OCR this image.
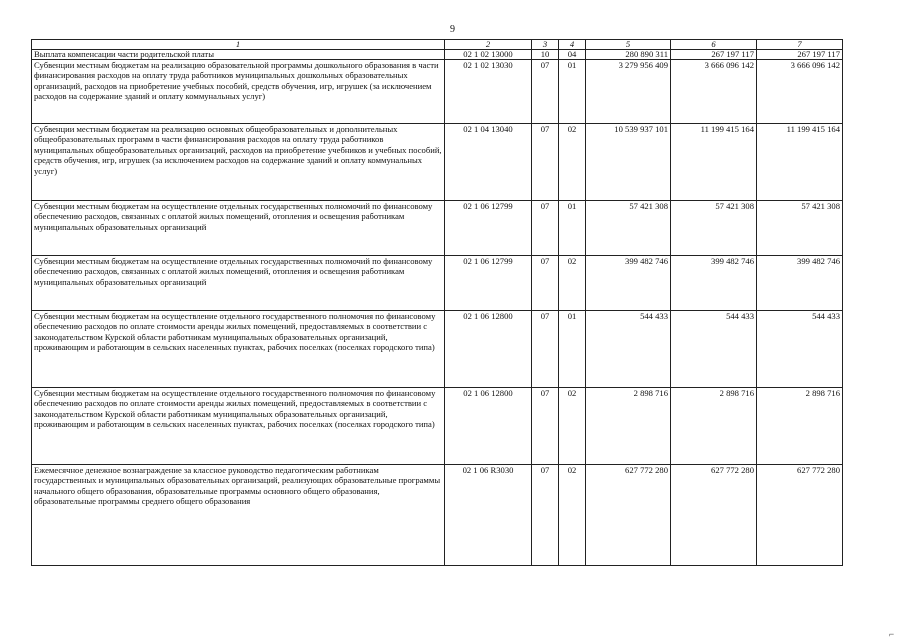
9
1	2	3	4	5	6	7
Выплата компенсации части родительской платы	02 1 02 13000	10	04	280 890 311	267 197 117	267 197 117
Субвенции местным бюджетам на реализацию образовательной программы дошкольного образования в части финансирования расходов на оплату труда работников муниципальных дошкольных образовательных организаций, расходов на приобретение учебных пособий, средств обучения, игр, игрушек (за исключением расходов на содержание зданий и оплату коммунальных услуг)	02 1 02 13030	07	01	3 279 956 409	3 666 096 142	3 666 096 142
Субвенции местным бюджетам на реализацию основных общеобразовательных и дополнительных общеобразовательных программ в части финансирования расходов на оплату труда работников муниципальных общеобразовательных организаций, расходов на приобретение учебников и учебных пособий, средств обучения, игр, игрушек (за исключением расходов на содержание зданий и оплату коммунальных услуг)	02 1 04 13040	07	02	10 539 937 101	11 199 415 164	11 199 415 164
Субвенции местным бюджетам на осуществление отдельных государственных полномочий по финансовому обеспечению расходов, связанных с оплатой жилых помещений, отопления и освещения работникам муниципальных образовательных организаций	02 1 06 12799	07	01	57 421 308	57 421 308	57 421 308
Субвенции местным бюджетам на осуществление отдельных государственных полномочий по финансовому обеспечению расходов, связанных с оплатой жилых помещений, отопления и освещения работникам муниципальных образовательных организаций	02 1 06 12799	07	02	399 482 746	399 482 746	399 482 746
Субвенции местным бюджетам на осуществление отдельного государственного полномочия по финансовому обеспечению расходов по оплате стоимости аренды жилых помещений, предоставляемых в соответствии с законодательством Курской области работникам муниципальных образовательных организаций, проживающим и работающим в сельских населенных пунктах, рабочих поселках (поселках городского типа)	02 1 06 12800	07	01	544 433	544 433	544 433
Субвенции местным бюджетам на осуществление отдельного государственного полномочия по финансовому обеспечению расходов по оплате стоимости аренды жилых помещений, предоставляемых в соответствии с законодательством Курской области работникам муниципальных образовательных организаций, проживающим и работающим в сельских населенных пунктах, рабочих поселках (поселках городского типа)	02 1 06 12800	07	02	2 898 716	2 898 716	2 898 716
Ежемесячное денежное вознаграждение за классное руководство педагогическим работникам государственных и муниципальных образовательных организаций, реализующих образовательные программы начального общего образования, образовательные программы основного общего образования, образовательные программы среднего общего образования	02 1 06 R3030	07	02	627 772 280	627 772 280	627 772 280
⌐
